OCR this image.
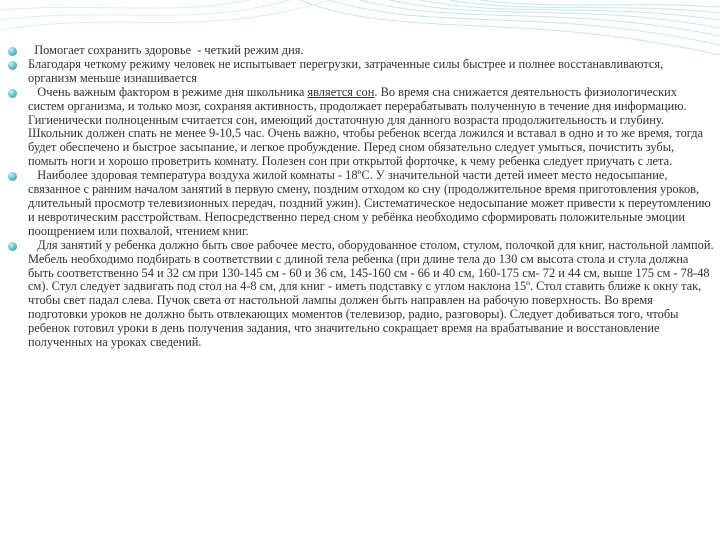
Помогает сохранить здоровье  - четкий режим дня.
Благодаря четкому режиму человек не испытывает перегрузки, затраченные силы быстрее и полнее восстанавливаются, организм меньше изнашивается
Очень важным фактором в режиме дня школьника является сон. Во время сна снижается деятельность физиологических систем организма, и только мозг, сохраняя активность, продолжает перерабатывать полученную в течение дня информацию. Гигиенически полноценным считается сон, имеющий достаточную для данного возраста продолжительность и глубину. Школьник должен спать не менее 9-10,5 час. Очень важно, чтобы ребенок всегда ложился и вставал в одно и то же время, тогда будет обеспечено и быстрое засыпание, и легкое пробуждение. Перед сном обязательно следует умыться, почистить зубы, помыть ноги и хорошо проветрить комнату. Полезен сон при открытой форточке, к чему ребенка следует приучать с лета.
Наиболее здоровая температура воздуха жилой комнаты - 18ºС. У значительной части детей имеет место недосыпание, связанное с ранним началом занятий в первую смену, поздним отходом ко сну (продолжительное время приготовления уроков, длительный просмотр телевизионных передач, поздний ужин). Систематическое недосыпание может привести к переутомлению и невротическим расстройствам. Непосредственно перед сном у ребёнка необходимо сформировать положительные эмоции поощрением или похвалой, чтением книг.
Для занятий у ребенка должно быть свое рабочее место, оборудованное столом, стулом, полочкой для книг, настольной лампой. Мебель необходимо подбирать в соответствии с длиной тела ребенка (при длине тела до 130 см высота стола и стула должна быть соответственно 54 и 32 см при 130-145 см - 60 и 36 см, 145-160 см - 66 и 40 см, 160-175 см- 72 и 44 см, выше 175 см - 78-48 см). Стул следует задвигать под стол на 4-8 см, для книг - иметь подставку с углом наклона 15º. Стол ставить ближе к окну так, чтобы свет падал слева. Пучок света от настольной лампы должен быть направлен на рабочую поверхность. Во время подготовки уроков не должно быть отвлекающих моментов (телевизор, радио, разговоры). Следует добиваться того, чтобы ребенок готовил уроки в день получения задания, что значительно сокращает время на врабатывание и восстановление полученных на уроках сведений.
